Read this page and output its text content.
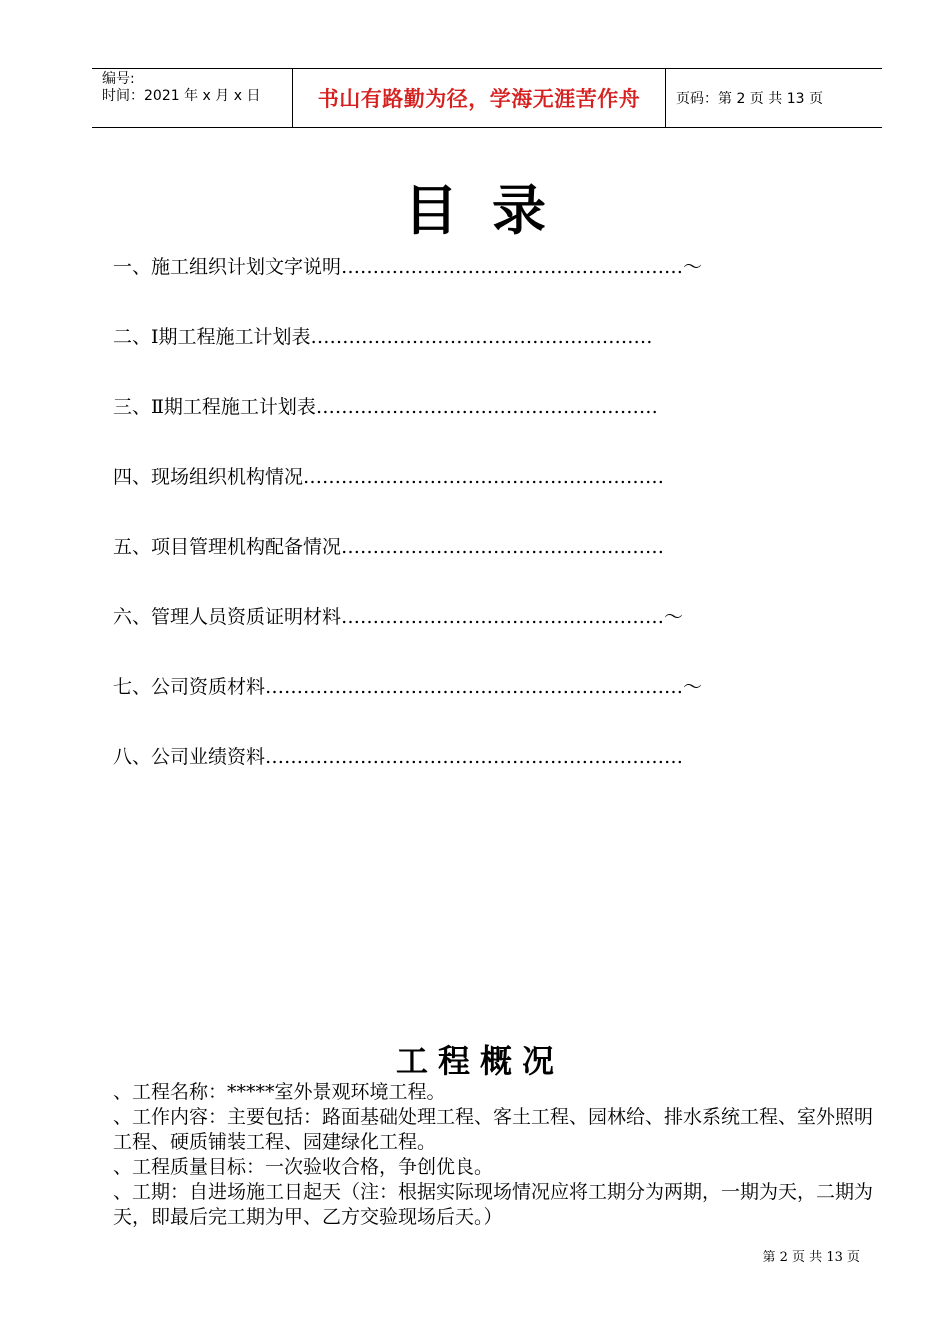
编号:
时间：2021 年 x 月 x 日	书山有路勤为径，学海无涯苦作舟	页码：第 2 页 共 13 页
目录
一、施工组织计划文字说明………………………………………………～
二、Ⅰ期工程施工计划表………………………………………………
三、Ⅱ期工程施工计划表………………………………………………
四、现场组织机构情况…………………………………………………
五、项目管理机构配备情况……………………………………………
六、管理人员资质证明材料……………………………………………～
七、公司资质材料…………………………………………………………～
八、公司业绩资料…………………………………………………………
工程概况

、工程名称：*****室外景观环境工程。

、工作内容：主要包括：路面基础处理工程、客土工程、园林给、排水系统工程、室外照明工程、硬质铺装工程、园建绿化工程。

、工程质量目标：一次验收合格，争创优良。

、工期：自进场施工日起天（注：根据实际现场情况应将工期分为两期，一期为天，二期为天，即最后完工期为甲、乙方交验现场后天。）

第 2 页 共 13 页
